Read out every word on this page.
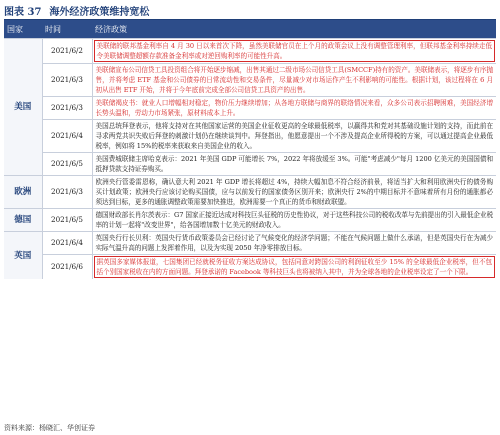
图表 37 海外经济政策维持宽松
国家	时间	经济政策
美国	2021/6/2	美联储的联邦基金利率自 4 月 30 日以来首次下降，虽然美联储官员在上个月的政策会议上没有调整管理利率，但联邦基金利率持续走低令美联储调整超额存款准备金利率或对逆回购利率的可能性升高。

	2021/6/3	美联储宣布公司信贷工具投资组合将开始逐步缩减，出售其通过二级市场公司信贷工具(SMCCF)持有的资产。美联储表示，将逐步有序抛售，并将考虑 ETF 基金和公司债券的日常流动性和交易条件，尽量减少对市场运作产生不利影响的可能性。根据计划，该过程将在 6 月初从出售 ETF 开始，并将于今年底前完成全部公司信贷工具资产的出售。
	2021/6/3	美联储褐皮书：就业人口增幅相对稳定，物价压力继续增加；从各地方联储与商界的联络情况来看，众多公司表示招聘困难，美国经济增长势头温和，劳动力市场紧张，原材料成本上升。
	2021/6/4	美国总统拜登表示，他将支持对在其他国家运营的美国企业征收更高的全球最低税率，以赢得共和党对其基础设施计划的支持，而此前在寻求两党共识失败后拜登的刺激计划仍在继续谈判中。拜登指出，他愿意提出一个不涉及提高企业所得税的方案，可以通过提高企业最低税率，例如将 15%的税率来获取来自美国企业的收入。
	2021/6/5	美国费城联储主席哈克表示：2021 年美国 GDP 可能增长 7%，2022 年将放缓至 3%。可能"考虑减少"每月 1200 亿美元的美国国债和抵押贷款支持证券购买。
欧洲	2021/6/3	欧洲央行管委雷恩称，确认意大利 2021 年 GDP 增长将超过 4%，持续大幅加息不符合经济前景，将适当扩大和利用欧洲央行的债务购买计划政策；欧洲央行应该讨论购买国债，应与以前发行的国家债务区别开来；欧洲央行 2%的中期目标并不意味着所有月份的通胀都必须达到目标，更多的通胀调整政策需要加快推进，欧洲需要一个真正的货币和财政联盟。
德国	2021/6/5	德国财政部长肖尔茨表示：G7 国家正接近达成对科技巨头征税的历史性协议，对于这些科技公司的税收改革与先前提出的引入最低企业税率的计划一起将"改变世界"，给各国增加数十亿美元的财政收入。
英国	2021/6/4	英国央行行长贝利：英国央行货币政策委员会已经讨论了气候变化的经济学问题；不能在气候问题上做什么承诺，但是英国央行在为减少实际气温升高的问题上发挥着作用，以及为实现 2050 年净零排放目标。
	2021/6/6	据英国多家媒体报道，七国集团已经就税务征收方案达成协议，包括同意对跨国公司的利润征收至少 15% 的全球最低企业税率，但不包括个别国家税收在内的方面问题。拜登承诺的 Facebook 等科技巨头也将被纳入其中，并为全球各地的企业税率设定了一个下限。
资料来源：杨晓汇、华创证券
